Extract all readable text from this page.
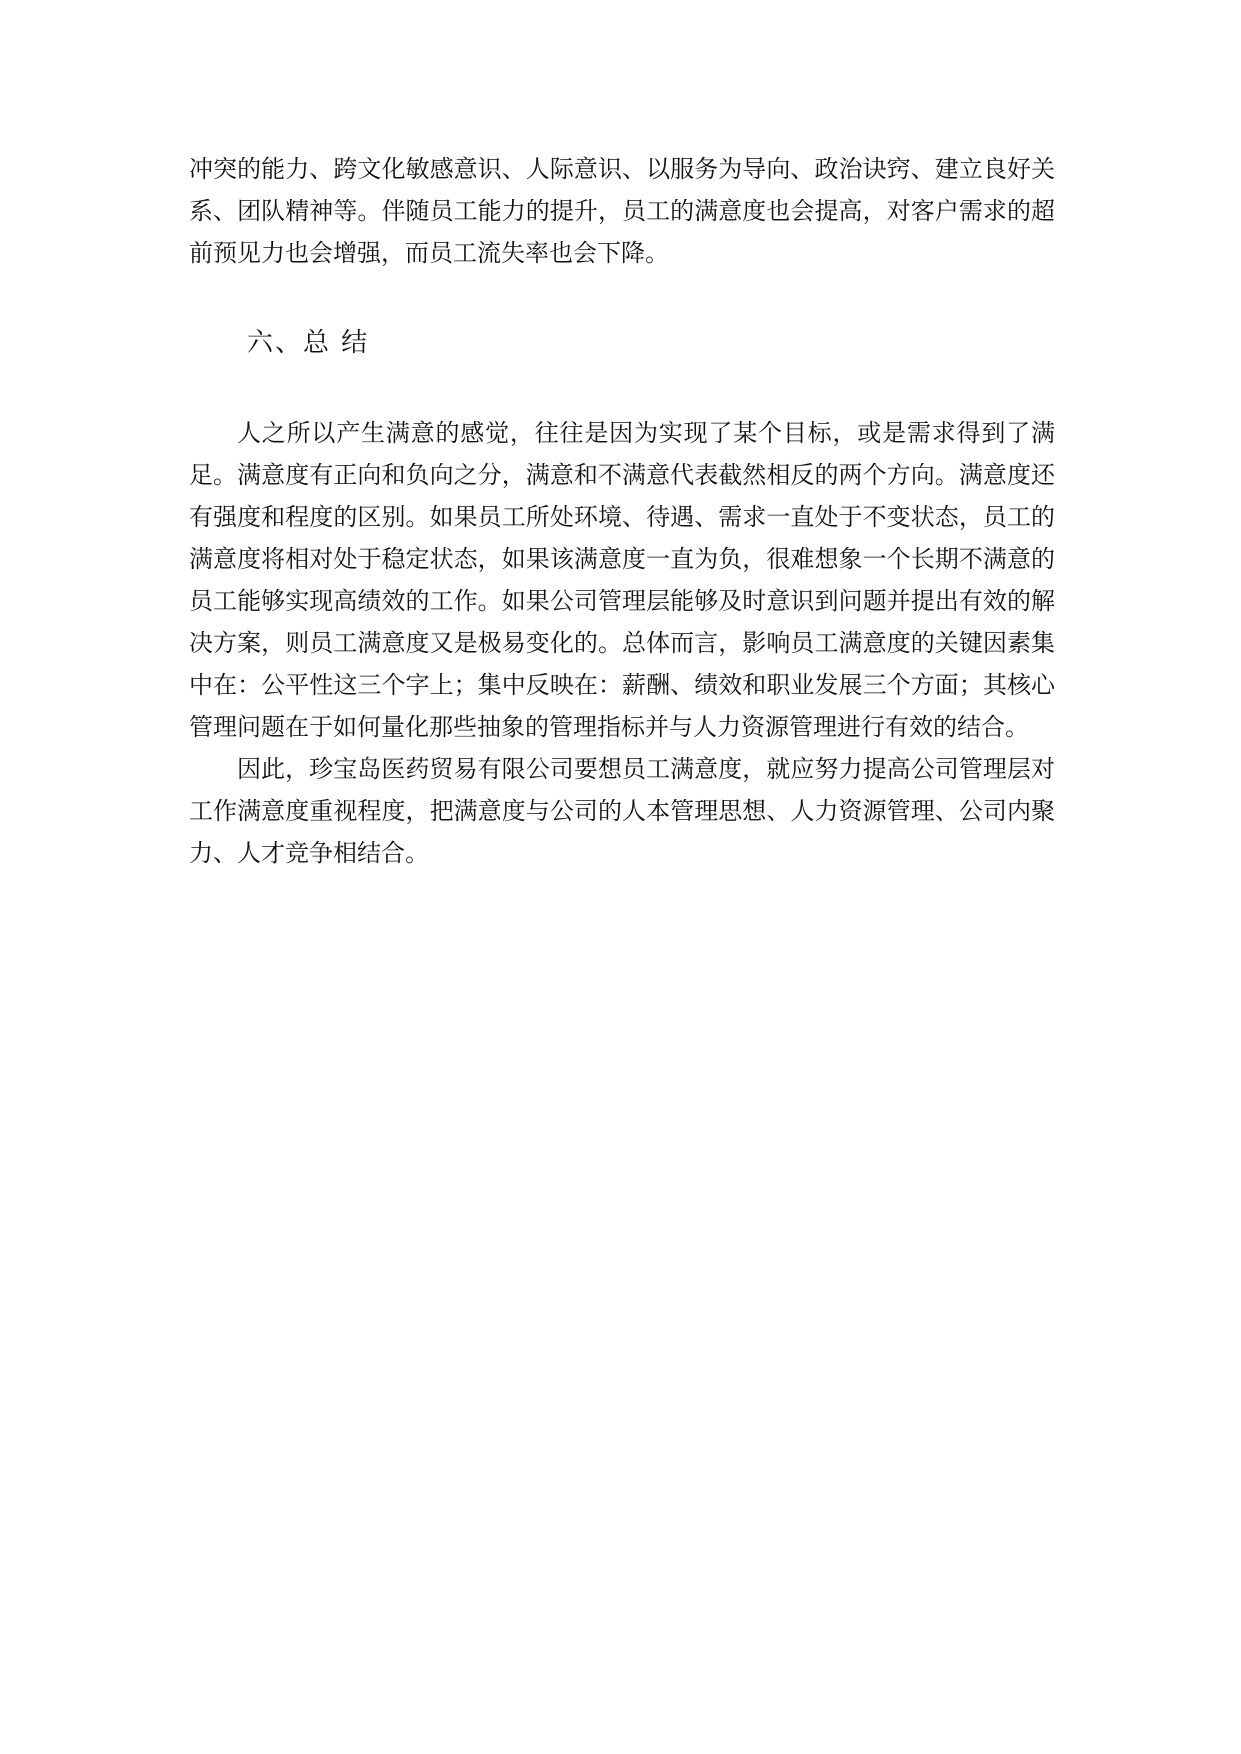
冲突的能力、跨文化敏感意识、人际意识、以服务为导向、政治诀窍、建立良好关系、团队精神等。伴随员工能力的提升，员工的满意度也会提高，对客户需求的超前预见力也会增强，而员工流失率也会下降。

六、总 结

人之所以产生满意的感觉，往往是因为实现了某个目标，或是需求得到了满足。满意度有正向和负向之分，满意和不满意代表截然相反的两个方向。满意度还有强度和程度的区别。如果员工所处环境、待遇、需求一直处于不变状态，员工的满意度将相对处于稳定状态，如果该满意度一直为负，很难想象一个长期不满意的员工能够实现高绩效的工作。如果公司管理层能够及时意识到问题并提出有效的解决方案，则员工满意度又是极易变化的。总体而言，影响员工满意度的关键因素集中在：公平性这三个字上；集中反映在：薪酬、绩效和职业发展三个方面；其核心管理问题在于如何量化那些抽象的管理指标并与人力资源管理进行有效的结合。

因此，珍宝岛医药贸易有限公司要想员工满意度，就应努力提高公司管理层对工作满意度重视程度，把满意度与公司的人本管理思想、人力资源管理、公司内聚力、人才竞争相结合。
